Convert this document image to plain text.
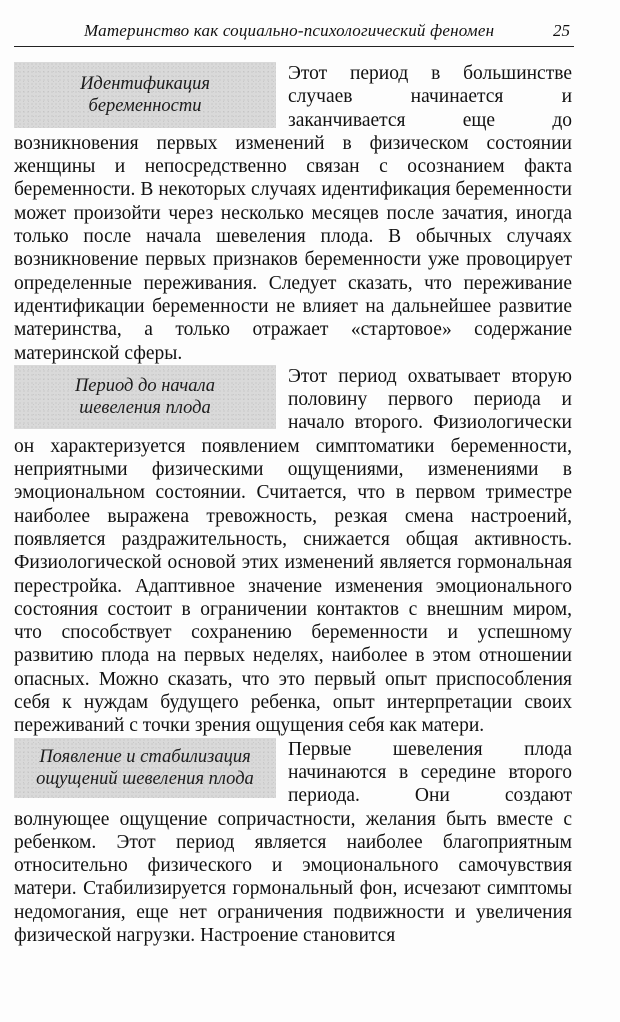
Материнство как социально-психологический феномен	25

Идентификация
беременности
Этот период в большинстве случаев начинается и заканчивается еще до возникновения первых изменений в физическом состоянии женщины и непосредственно связан с осознанием факта беременности. В некоторых случаях идентификация беременности может произойти через несколько месяцев после зачатия, иногда только после начала шевеления плода. В обычных случаях возникновение первых признаков беременности уже провоцирует определенные переживания. Следует сказать, что переживание идентификации беременности не влияет на дальнейшее развитие материнства, а только отражает «стартовое» содержание материнской сферы.

Период до начала
шевеления плода
Этот период охватывает вторую половину первого периода и начало второго. Физиологически он характеризуется появлением симптоматики беременности, неприятными физическими ощущениями, изменениями в эмоциональном состоянии. Считается, что в первом триместре наиболее выражена тревожность, резкая смена настроений, появляется раздражительность, снижается общая активность. Физиологической основой этих изменений является гормональная перестройка. Адаптивное значение изменения эмоционального состояния состоит в ограничении контактов с внешним миром, что способствует сохранению беременности и успешному развитию плода на первых неделях, наиболее в этом отношении опасных. Можно сказать, что это первый опыт приспособления себя к нуждам будущего ребенка, опыт интерпретации своих переживаний с точки зрения ощущения себя как матери.

Появление и стабилизация
ощущений шевеления плода
Первые шевеления плода начинаются в середине второго периода. Они создают волнующее ощущение сопричастности, желания быть вместе с ребенком. Этот период является наиболее благоприятным относительно физического и эмоционального самочувствия матери. Стабилизируется гормональный фон, исчезают симптомы недомогания, еще нет ограничения подвижности и увеличения физической нагрузки. Настроение становится
